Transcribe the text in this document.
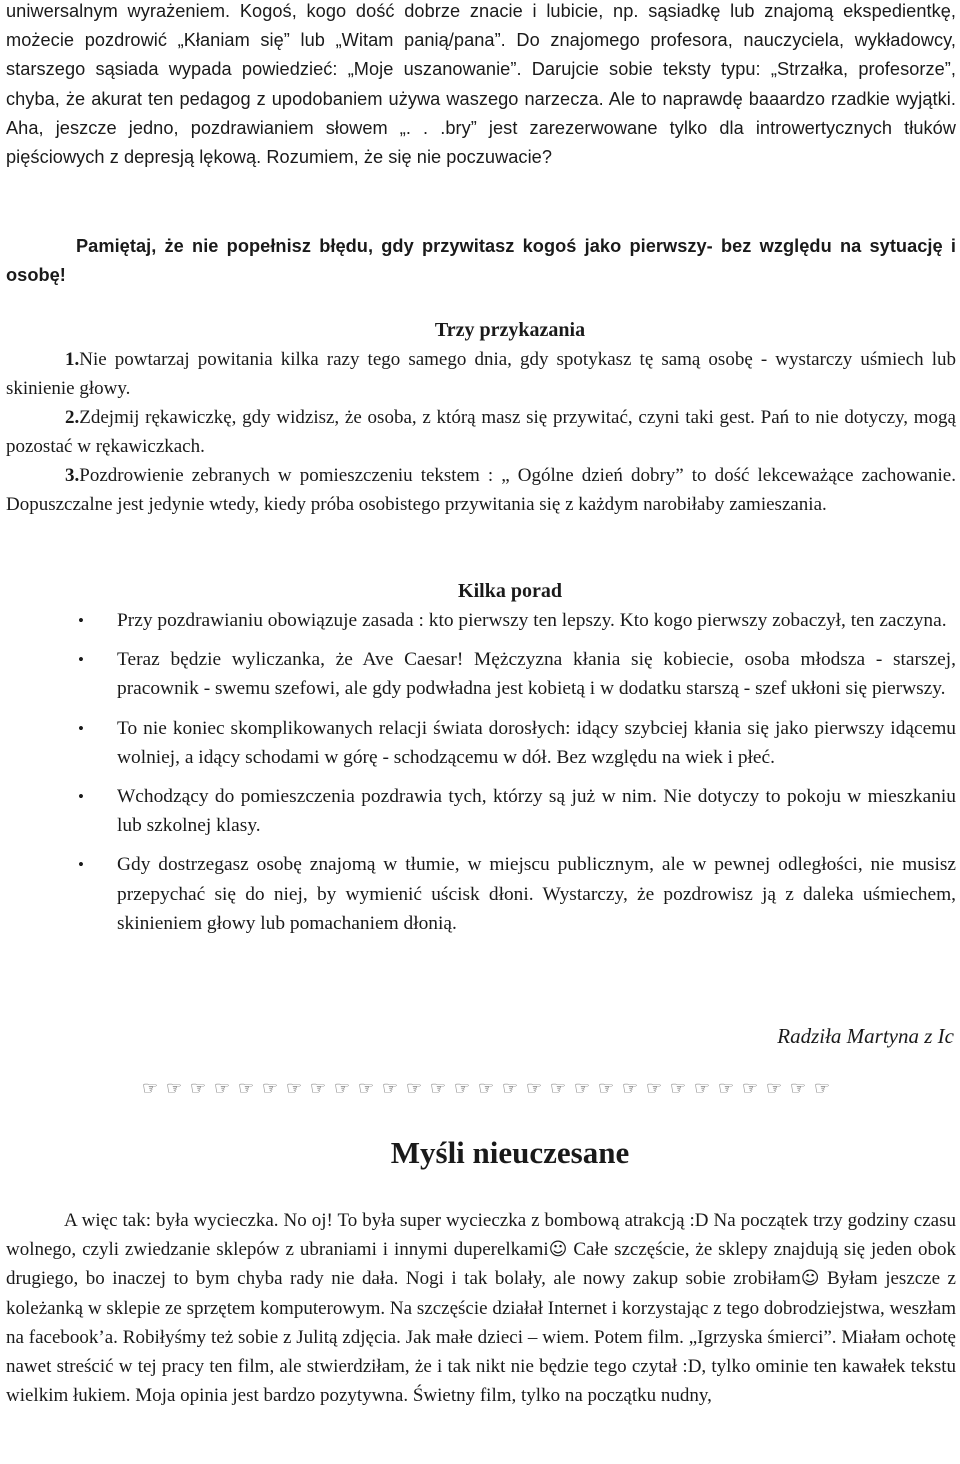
uniwersalnym wyrażeniem. Kogoś, kogo dość dobrze znacie i lubicie, np. sąsiadkę lub znajomą ekspedientkę, możecie pozdrowić „Kłaniam się” lub „Witam panią/pana”. Do znajomego profesora, nauczyciela, wykładowcy, starszego sąsiada wypada powiedzieć: „Moje uszanowanie”. Darujcie sobie teksty typu: „Strzałka, profesorze”, chyba, że akurat ten pedagog z upodobaniem używa waszego narzecza. Ale to naprawdę baaardzo rzadkie wyjątki. Aha, jeszcze jedno, pozdrawianiem słowem „. . .bry” jest zarezerwowane tylko dla introwertycznych tłuków pięściowych z depresją lękową. Rozumiem, że się nie poczuwacie?

Pamiętaj, że nie popełnisz błędu, gdy przywitasz kogoś jako pierwszy- bez względu na sytuację i osobę!

Trzy przykazania

1.Nie powtarzaj powitania kilka razy tego samego dnia, gdy spotykasz tę samą osobę - wystarczy uśmiech lub skinienie głowy.

2.Zdejmij rękawiczkę, gdy widzisz, że osoba, z którą masz się przywitać, czyni taki gest. Pań to nie dotyczy, mogą pozostać w rękawiczkach.

3.Pozdrowienie zebranych w pomieszczeniu tekstem : „ Ogólne dzień dobry” to dość lekceważące zachowanie. Dopuszczalne jest jedynie wtedy, kiedy próba osobistego przywitania się z każdym narobiłaby zamieszania.

Kilka porad

• Przy pozdrawianiu obowiązuje zasada : kto pierwszy ten lepszy. Kto kogo pierwszy zobaczył, ten zaczyna.
• Teraz będzie wyliczanka, że Ave Caesar! Mężczyzna kłania się kobiecie, osoba młodsza - starszej, pracownik - swemu szefowi, ale gdy podwładna jest kobietą i w dodatku starszą - szef ukłoni się pierwszy.
• To nie koniec skomplikowanych relacji świata dorosłych: idący szybciej kłania się jako pierwszy idącemu wolniej, a idący schodami w górę - schodzącemu w dół. Bez względu na wiek i płeć.
• Wchodzący do pomieszczenia pozdrawia tych, którzy są już w nim. Nie dotyczy to pokoju w mieszkaniu lub szkolnej klasy.
• Gdy dostrzegasz osobę znajomą w tłumie, w miejscu publicznym, ale w pewnej odległości, nie musisz przepychać się do niej, by wymienić uścisk dłoni. Wystarczy, że pozdrowisz ją z daleka uśmiechem, skinieniem głowy lub pomachaniem dłonią.
Radziła Martyna z Ic
☞ ☞ ☞ ☞ ☞ ☞ ☞ ☞ ☞ ☞ ☞ ☞ ☞ ☞ ☞ ☞ ☞ ☞ ☞ ☞ ☞ ☞ ☞ ☞ ☞ ☞ ☞ ☞ ☞
Myśli nieuczesane

A więc tak: była wycieczka. No oj! To była super wycieczka z bombową atrakcją :D Na początek trzy godziny czasu wolnego, czyli zwiedzanie sklepów z ubraniami i innymi duperelkami☺ Całe szczęście, że sklepy znajdują się jeden obok drugiego, bo inaczej to bym chyba rady nie dała. Nogi i tak bolały, ale nowy zakup sobie zrobiłam☺ Byłam jeszcze z koleżanką w sklepie ze sprzętem komputerowym. Na szczęście działał Internet i korzystając z tego dobrodziejstwa, weszłam na facebook’a. Robiłyśmy też sobie z Julitą zdjęcia. Jak małe dzieci – wiem. Potem film. „Igrzyska śmierci”. Miałam ochotę nawet streścić w tej pracy ten film, ale stwierdziłam, że i tak nikt nie będzie tego czytał :D, tylko ominie ten kawałek tekstu wielkim łukiem. Moja opinia jest bardzo pozytywna. Świetny film, tylko na początku nudny,
